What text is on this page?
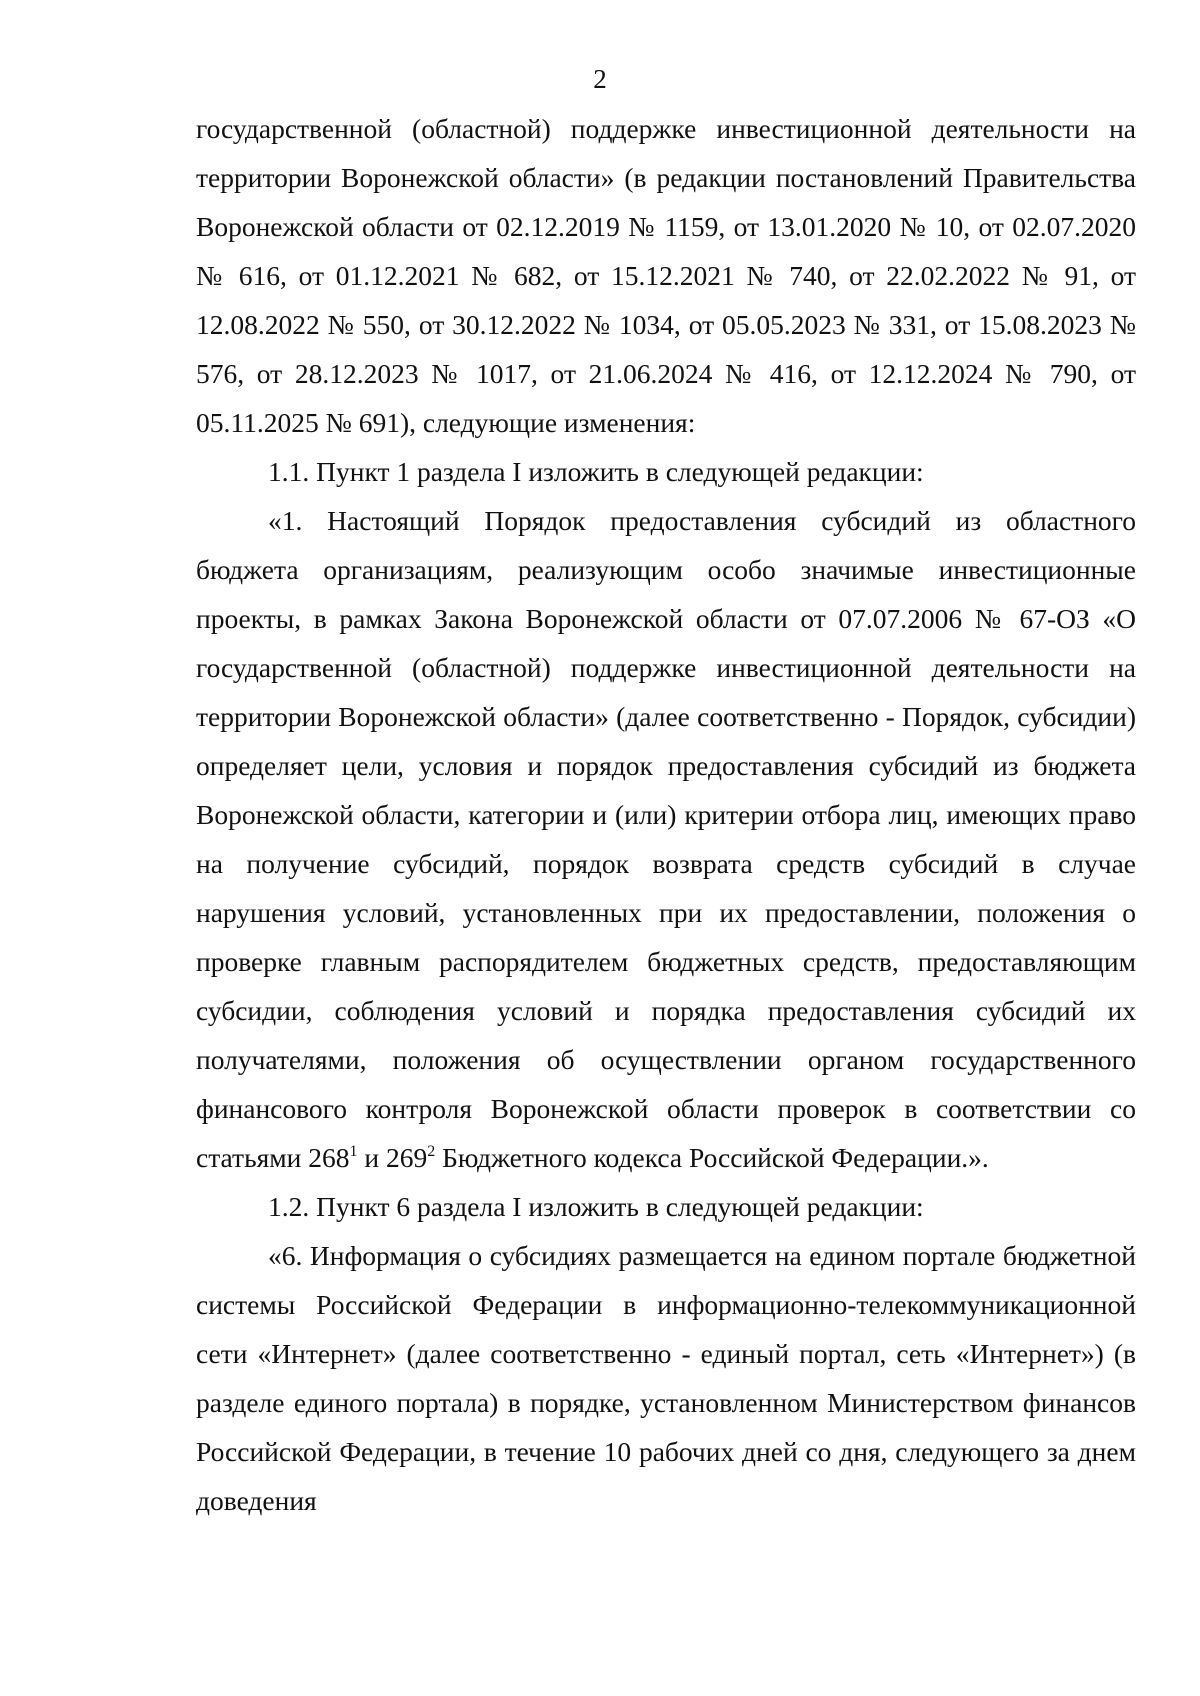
2

государственной (областной) поддержке инвестиционной деятельности на территории Воронежской области» (в редакции постановлений Правительства Воронежской области от 02.12.2019 № 1159, от 13.01.2020 № 10, от 02.07.2020 № 616, от 01.12.2021 № 682, от 15.12.2021 № 740, от 22.02.2022 № 91, от 12.08.2022 № 550, от 30.12.2022 № 1034, от 05.05.2023 № 331, от 15.08.2023 № 576, от 28.12.2023 № 1017, от 21.06.2024 № 416, от 12.12.2024 № 790, от 05.11.2025 № 691), следующие изменения:

1.1. Пункт 1 раздела I изложить в следующей редакции:

«1. Настоящий Порядок предоставления субсидий из областного бюджета организациям, реализующим особо значимые инвестиционные проекты, в рамках Закона Воронежской области от 07.07.2006 № 67-ОЗ «О государственной (областной) поддержке инвестиционной деятельности на территории Воронежской области» (далее соответственно - Порядок, субсидии) определяет цели, условия и порядок предоставления субсидий из бюджета Воронежской области, категории и (или) критерии отбора лиц, имеющих право на получение субсидий, порядок возврата средств субсидий в случае нарушения условий, установленных при их предоставлении, положения о проверке главным распорядителем бюджетных средств, предоставляющим субсидии, соблюдения условий и порядка предоставления субсидий их получателями, положения об осуществлении органом государственного финансового контроля Воронежской области проверок в соответствии со статьями $268^1$ и $269^2$ Бюджетного кодекса Российской Федерации.».

1.2. Пункт 6 раздела I изложить в следующей редакции:

«6. Информация о субсидиях размещается на едином портале бюджетной системы Российской Федерации в информационно-телекоммуникационной сети «Интернет» (далее соответственно - единый портал, сеть «Интернет») (в разделе единого портала) в порядке, установленном Министерством финансов Российской Федерации, в течение 10 рабочих дней со дня, следующего за днем доведения
